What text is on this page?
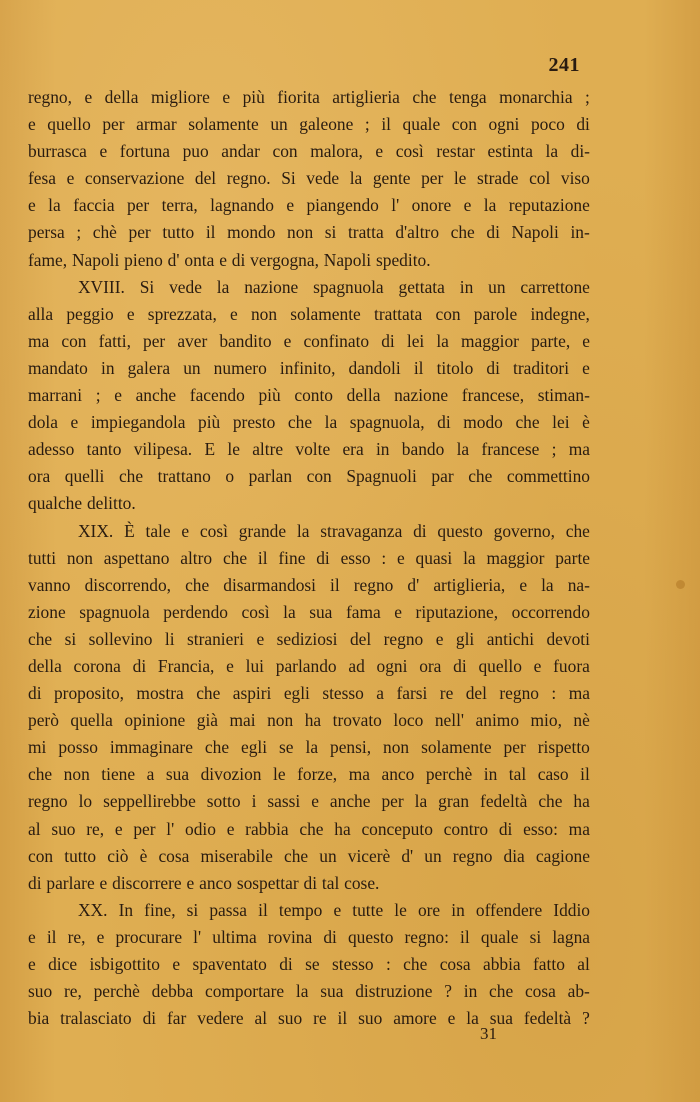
241
regno, e della migliore e più fiorita artiglieria che tenga monarchia ;
e quello per armar solamente un galeone ; il quale con ogni poco di
burrasca e fortuna puo andar con malora, e così restar estinta la di-
fesa e conservazione del regno. Si vede la gente per le strade col viso
e la faccia per terra, lagnando e piangendo l' onore e la reputazione
persa ; chè per tutto il mondo non si tratta d'altro che di Napoli in-
fame, Napoli pieno d' onta e di vergogna, Napoli spedito.
XVIII. Si vede la nazione spagnuola gettata in un carrettone
alla peggio e sprezzata, e non solamente trattata con parole indegne,
ma con fatti, per aver bandito e confinato di lei la maggior parte, e
mandato in galera un numero infinito, dandoli il titolo di traditori e
marrani ; e anche facendo più conto della nazione francese, stiman-
dola e impiegandola più presto che la spagnuola, di modo che lei è
adesso tanto vilipesa. E le altre volte era in bando la francese ; ma
ora quelli che trattano o parlan con Spagnuoli par che commettino
qualche delitto.
XIX. È tale e così grande la stravaganza di questo governo, che
tutti non aspettano altro che il fine di esso : e quasi la maggior parte
vanno discorrendo, che disarmandosi il regno d' artiglieria, e la na-
zione spagnuola perdendo così la sua fama e riputazione, occorrendo
che si sollevino li stranieri e sediziosi del regno e gli antichi devoti
della corona di Francia, e lui parlando ad ogni ora di quello e fuora
di proposito, mostra che aspiri egli stesso a farsi re del regno : ma
però quella opinione già mai non ha trovato loco nell' animo mio, nè
mi posso immaginare che egli se la pensi, non solamente per rispetto
che non tiene a sua divozion le forze, ma anco perchè in tal caso il
regno lo seppellirebbe sotto i sassi e anche per la gran fedeltà che ha
al suo re, e per l' odio e rabbia che ha conceputo contro di esso: ma
con tutto ciò è cosa miserabile che un vicerè d' un regno dia cagione
di parlare e discorrere e anco sospettar di tal cose.
XX. In fine, si passa il tempo e tutte le ore in offendere Iddio
e il re, e procurare l' ultima rovina di questo regno: il quale si lagna
e dice isbigottito e spaventato di se stesso : che cosa abbia fatto al
suo re, perchè debba comportare la sua distruzione ? in che cosa ab-
bia tralasciato di far vedere al suo re il suo amore e la sua fedeltà ?
31
